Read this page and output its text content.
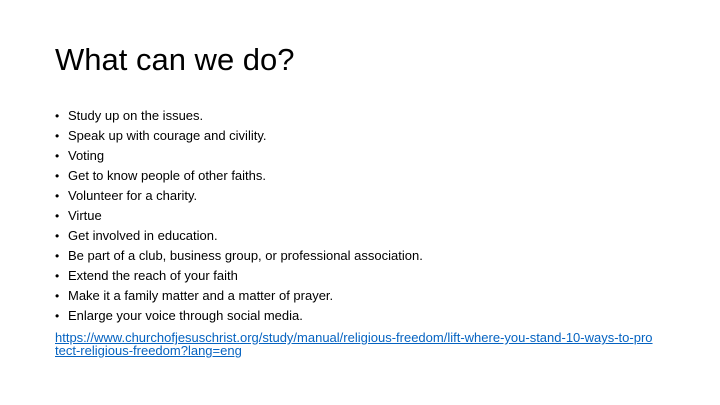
What can we do?
• Study up on the issues.
• Speak up with courage and civility.
• Voting
• Get to know people of other faiths.
• Volunteer for a charity.
• Virtue
• Get involved in education.
• Be part of a club, business group, or professional association.
• Extend the reach of your faith
• Make it a family matter and a matter of prayer.
• Enlarge your voice through social media.
https://www.churchofjesuschrist.org/study/manual/religious-freedom/lift-where-you-stand-10-ways-to-protect-religious-freedom?lang=eng
